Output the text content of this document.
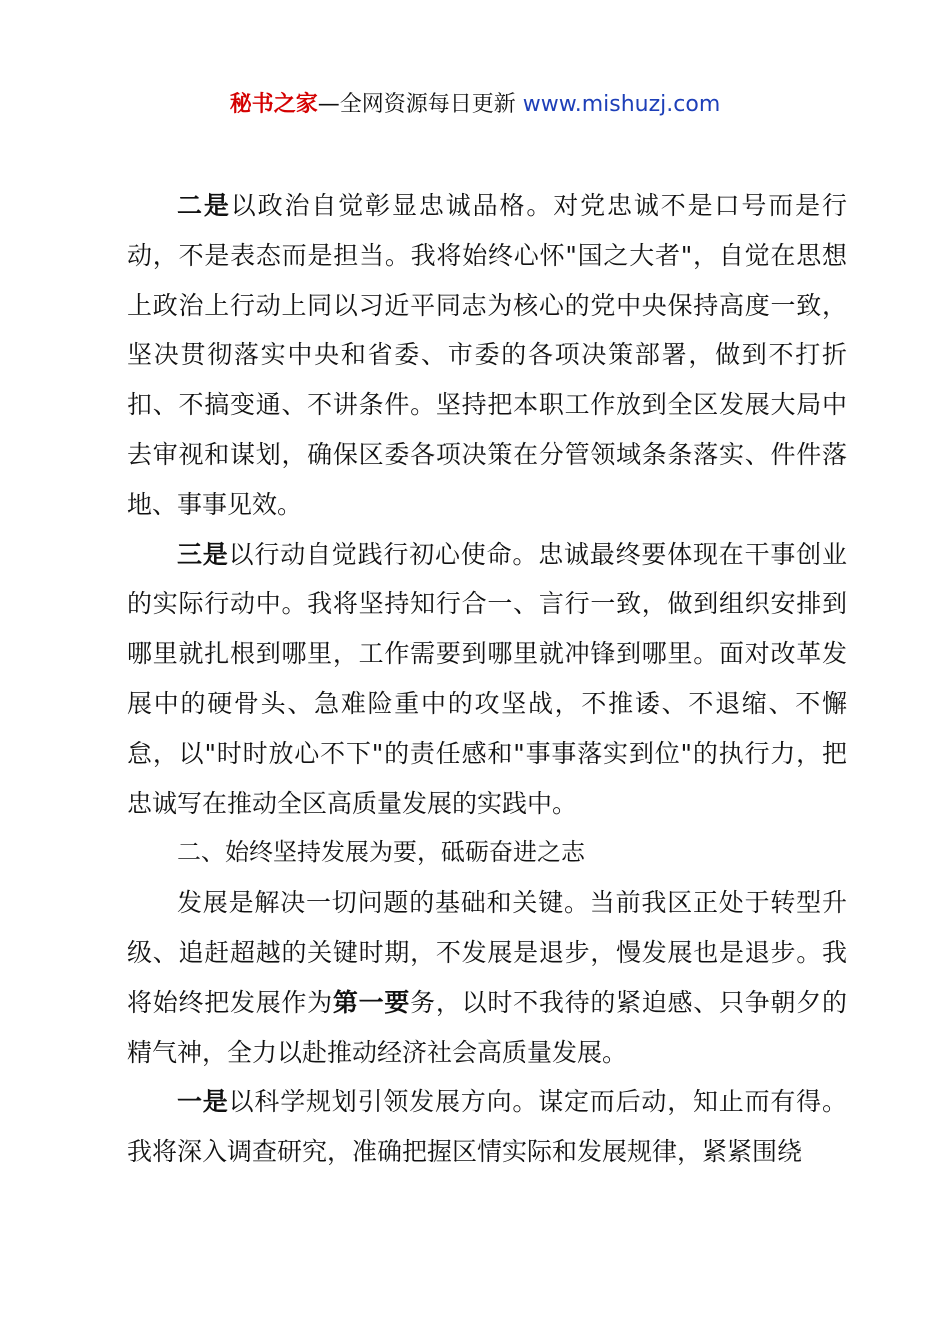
秘书之家—全网资源每日更新 www.mishuzj.com

二是以政治自觉彰显忠诚品格。对党忠诚不是口号而是行动，不是表态而是担当。我将始终心怀"国之大者"，自觉在思想上政治上行动上同以习近平同志为核心的党中央保持高度一致，坚决贯彻落实中央和省委、市委的各项决策部署，做到不打折扣、不搞变通、不讲条件。坚持把本职工作放到全区发展大局中去审视和谋划，确保区委各项决策在分管领域条条落实、件件落地、事事见效。

三是以行动自觉践行初心使命。忠诚最终要体现在干事创业的实际行动中。我将坚持知行合一、言行一致，做到组织安排到哪里就扎根到哪里，工作需要到哪里就冲锋到哪里。面对改革发展中的硬骨头、急难险重中的攻坚战，不推诿、不退缩、不懈怠，以"时时放心不下"的责任感和"事事落实到位"的执行力，把忠诚写在推动全区高质量发展的实践中。

二、始终坚持发展为要，砥砺奋进之志

发展是解决一切问题的基础和关键。当前我区正处于转型升级、追赶超越的关键时期，不发展是退步，慢发展也是退步。我将始终把发展作为第一要务，以时不我待的紧迫感、只争朝夕的精气神，全力以赴推动经济社会高质量发展。

一是以科学规划引领发展方向。谋定而后动，知止而有得。我将深入调查研究，准确把握区情实际和发展规律，紧紧围绕
